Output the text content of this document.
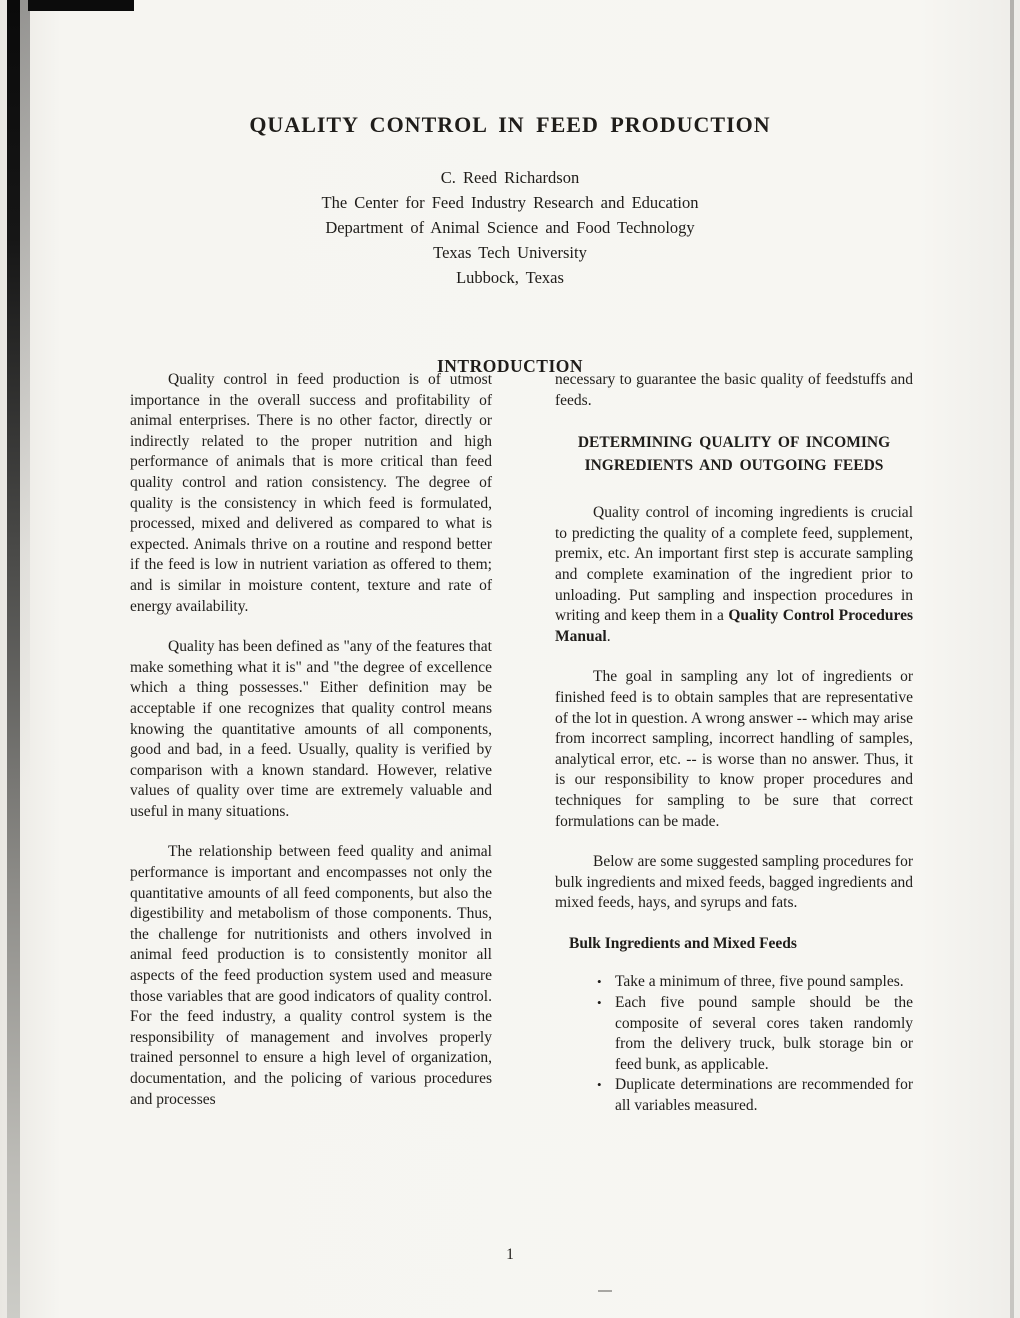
QUALITY CONTROL IN FEED PRODUCTION
C. Reed Richardson
The Center for Feed Industry Research and Education
Department of Animal Science and Food Technology
Texas Tech University
Lubbock, Texas
INTRODUCTION

Quality control in feed production is of utmost importance in the overall success and profitability of animal enterprises. There is no other factor, directly or indirectly related to the proper nutrition and high performance of animals that is more critical than feed quality control and ration consistency. The degree of quality is the consistency in which feed is formulated, processed, mixed and delivered as compared to what is expected. Animals thrive on a routine and respond better if the feed is low in nutrient variation as offered to them; and is similar in moisture content, texture and rate of energy availability.

Quality has been defined as "any of the features that make something what it is" and "the degree of excellence which a thing possesses." Either definition may be acceptable if one recognizes that quality control means knowing the quantitative amounts of all components, good and bad, in a feed. Usually, quality is verified by comparison with a known standard. However, relative values of quality over time are extremely valuable and useful in many situations.

The relationship between feed quality and animal performance is important and encompasses not only the quantitative amounts of all feed components, but also the digestibility and metabolism of those components. Thus, the challenge for nutritionists and others involved in animal feed production is to consistently monitor all aspects of the feed production system used and measure those variables that are good indicators of quality control. For the feed industry, a quality control system is the responsibility of management and involves properly trained personnel to ensure a high level of organization, documentation, and the policing of various procedures and processes

necessary to guarantee the basic quality of feedstuffs and feeds.

DETERMINING QUALITY OF INCOMING INGREDIENTS AND OUTGOING FEEDS

Quality control of incoming ingredients is crucial to predicting the quality of a complete feed, supplement, premix, etc. An important first step is accurate sampling and complete examination of the ingredient prior to unloading. Put sampling and inspection procedures in writing and keep them in a Quality Control Procedures Manual.

The goal in sampling any lot of ingredients or finished feed is to obtain samples that are representative of the lot in question. A wrong answer -- which may arise from incorrect sampling, incorrect handling of samples, analytical error, etc. -- is worse than no answer. Thus, it is our responsibility to know proper procedures and techniques for sampling to be sure that correct formulations can be made.

Below are some suggested sampling procedures for bulk ingredients and mixed feeds, bagged ingredients and mixed feeds, hays, and syrups and fats.

Bulk Ingredients and Mixed Feeds
• Take a minimum of three, five pound samples.
• Each five pound sample should be the composite of several cores taken randomly from the delivery truck, bulk storage bin or feed bunk, as applicable.
• Duplicate determinations are recommended for all variables measured.
1
